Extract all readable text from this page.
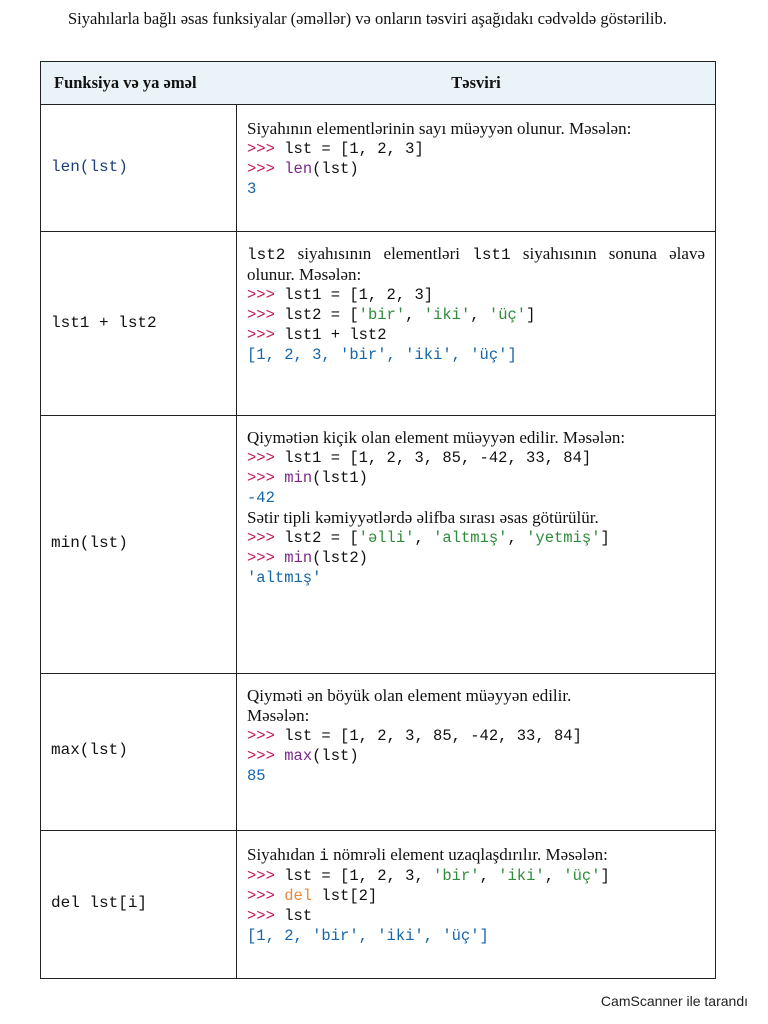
Siyahılarla bağlı əsas funksiyalar (əməllər) və onların təsviri aşağıdakı cədvəldə göstərilib.
Funksiya və ya əməl	Təsviri
len(lst)
Siyahının elementlərinin sayı müəyyən olunur. Məsələn:
>>> lst = [1, 2, 3]
>>> len(lst)
3
lst1 + lst2
lst2 siyahısının elementləri lst1 siyahısının sonuna əlavə olunur. Məsələn:
>>> lst1 = [1, 2, 3]
>>> lst2 = ['bir', 'iki', 'üç']
>>> lst1 + lst2
[1, 2, 3, 'bir', 'iki', 'üç']
min(lst)
Qiymətiən kiçik olan element müəyyən edilir. Məsələn:
>>> lst1 = [1, 2, 3, 85, -42, 33, 84]
>>> min(lst1)
-42
Sətir tipli kəmiyyətlərdə əlifba sırası əsas götürülür.
>>> lst2 = ['əlli', 'altmış', 'yetmiş']
>>> min(lst2)
'altmış'
max(lst)
Qiyməti ən böyük olan element müəyyən edilir. Məsələn:
>>> lst = [1, 2, 3, 85, -42, 33, 84]
>>> max(lst)
85
del lst[i]
Siyahıdan i nömrəli element uzaqlaşdırılır. Məsələn:
>>> lst = [1, 2, 3, 'bir', 'iki', 'üç']
>>> del lst[2]
>>> lst
[1, 2, 'bir', 'iki', 'üç']
CamScanner ile tarandı
